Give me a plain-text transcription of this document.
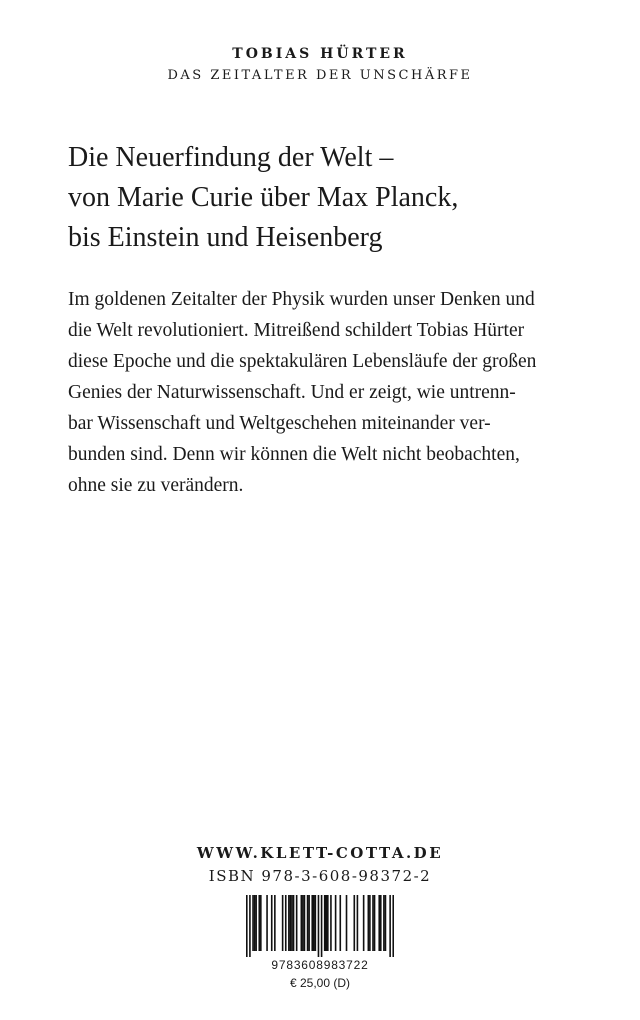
TOBIAS HÜRTER
DAS ZEITALTER DER UNSCHÄRFE
Die Neuerfindung der Welt –
von Marie Curie über Max Planck,
bis Einstein und Heisenberg
Im goldenen Zeitalter der Physik wurden unser Denken und
die Welt revolutioniert. Mitreißend schildert Tobias Hürter
diese Epoche und die spektakulären Lebensläufe der großen
Genies der Naturwissenschaft. Und er zeigt, wie untrenn-
bar Wissenschaft und Weltgeschehen miteinander ver-
bunden sind. Denn wir können die Welt nicht beobachten,
ohne sie zu verändern.
WWW.KLETT-COTTA.DE
ISBN 978-3-608-98372-2
9783608983722
€ 25,00 (D)
